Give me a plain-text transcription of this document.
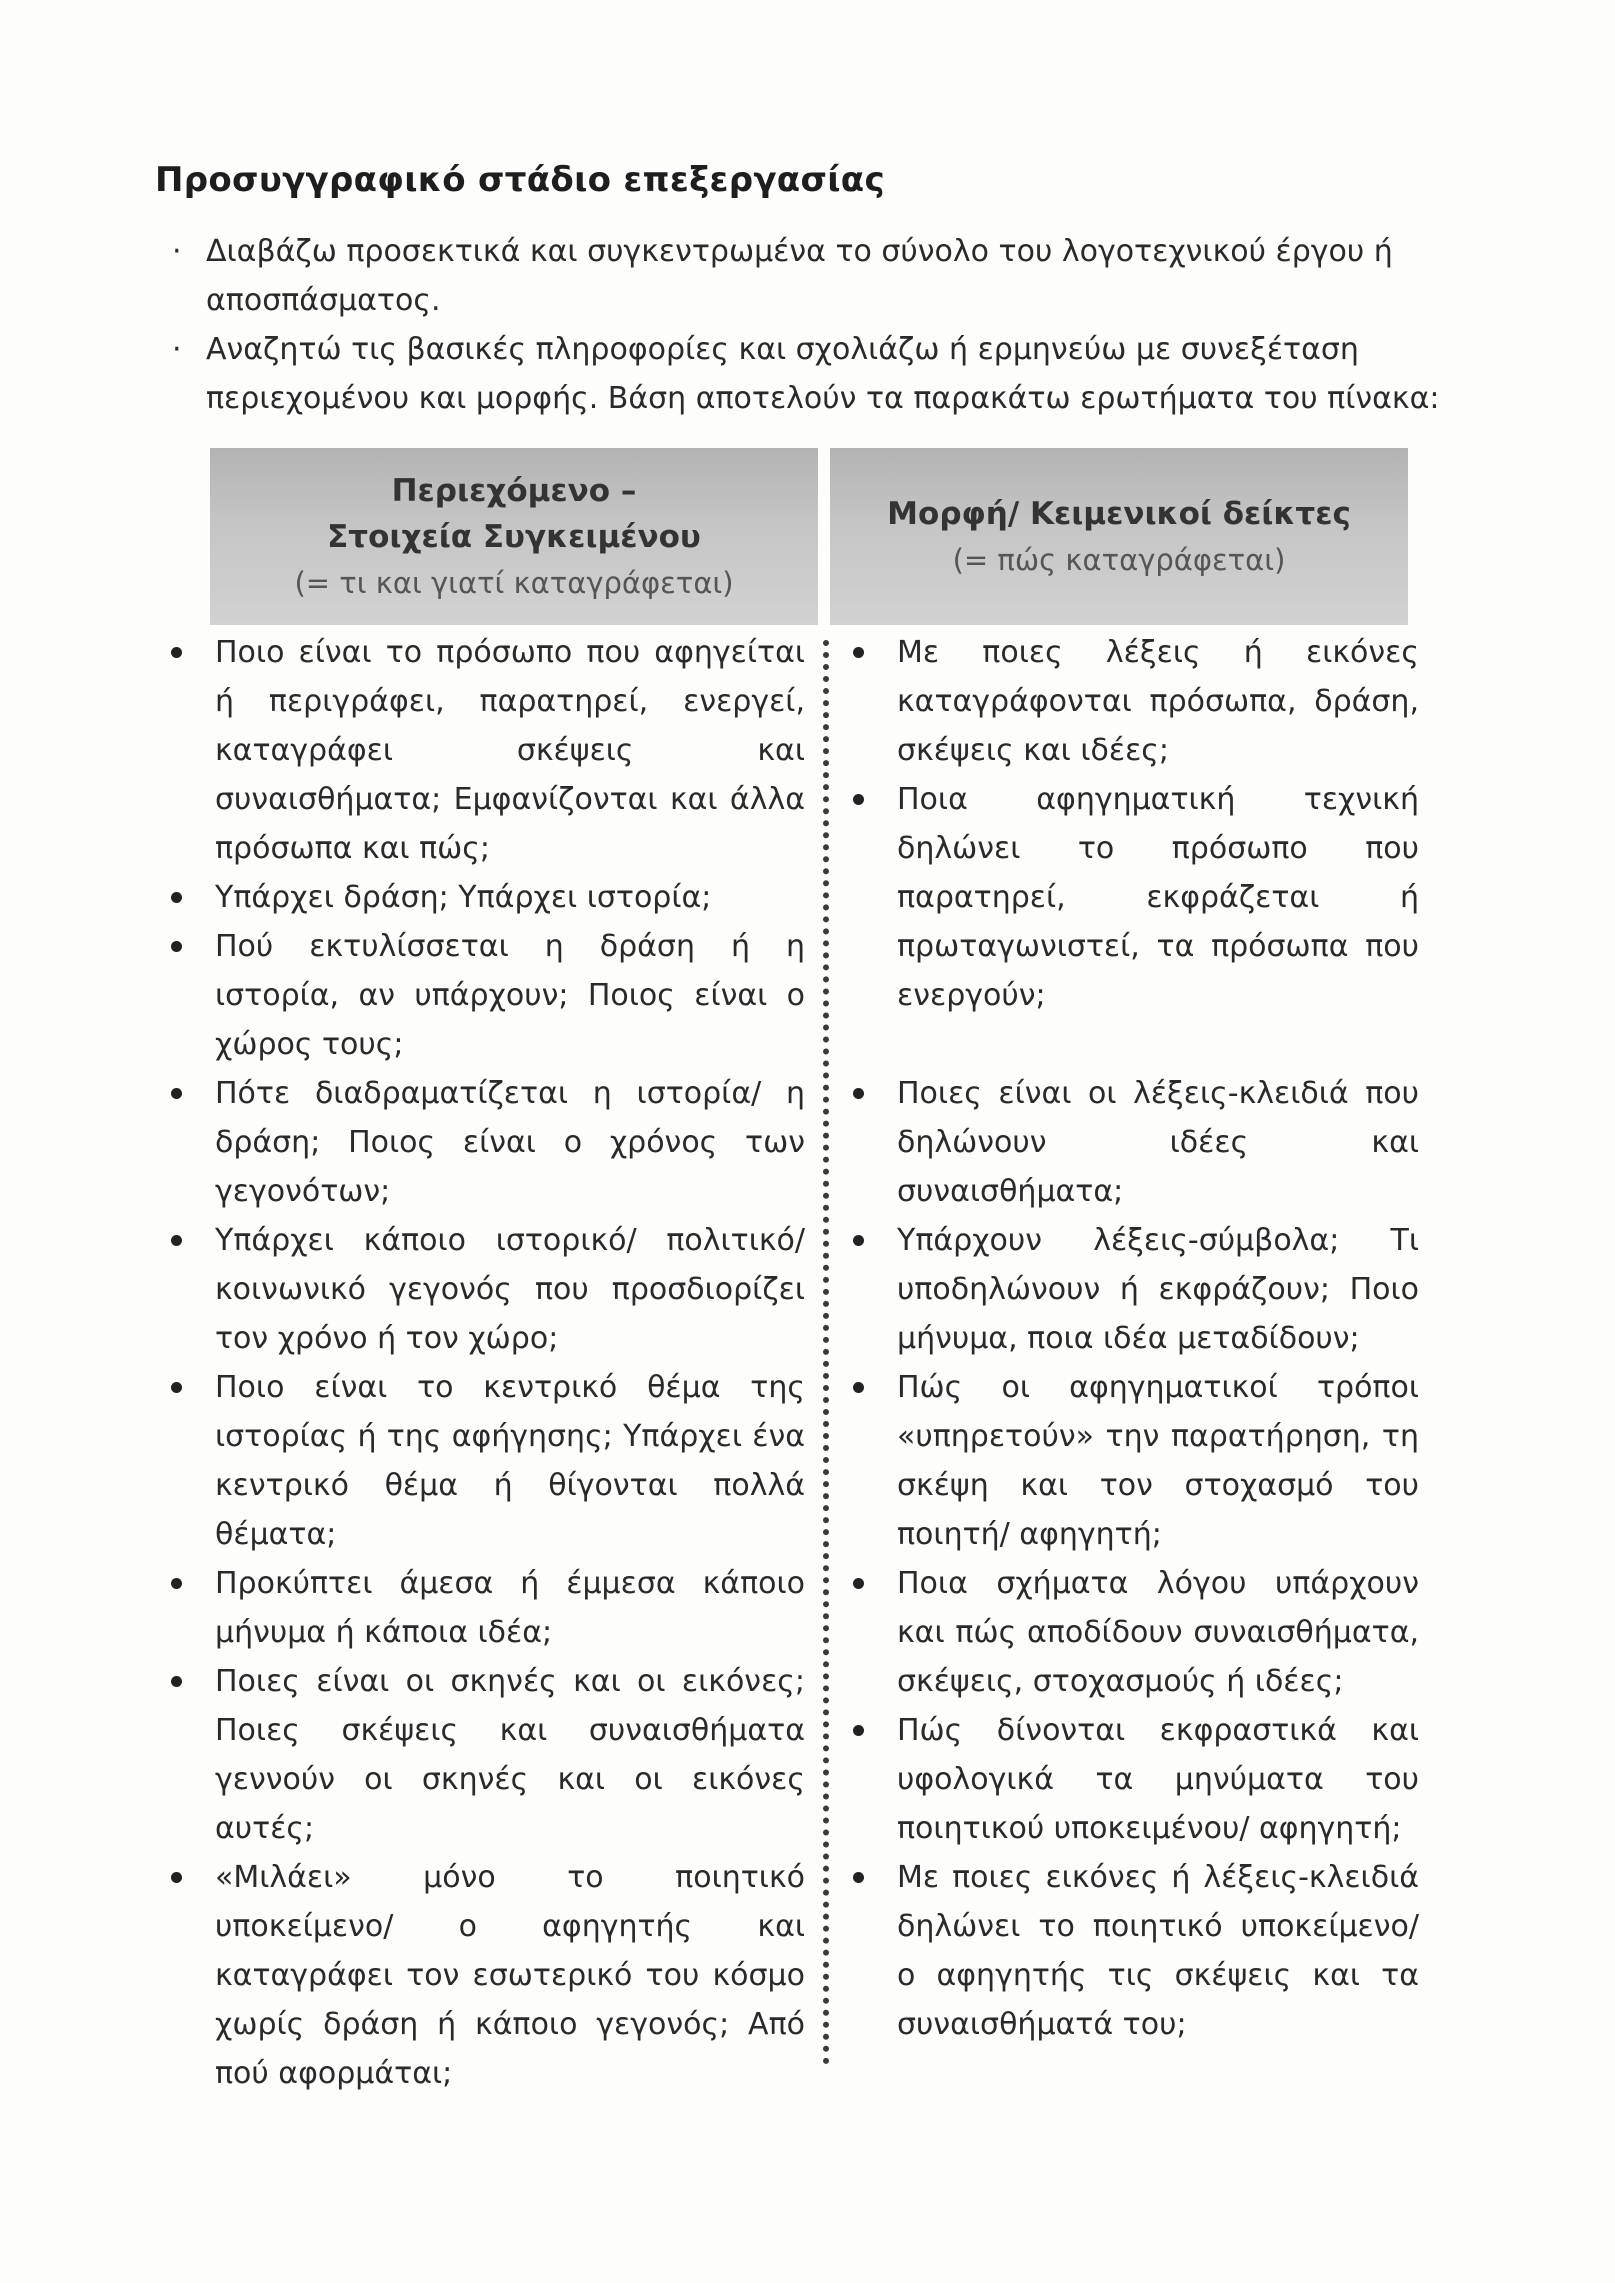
Προσυγγραφικό στάδιο επεξεργασίας
· Διαβάζω προσεκτικά και συγκεντρωμένα το σύνολο του λογοτεχνικού έργου ή αποσπάσματος.
· Αναζητώ τις βασικές πληροφορίες και σχολιάζω ή ερμηνεύω με συνεξέταση περιεχομένου και μορφής. Βάση αποτελούν τα παρακάτω ερωτήματα του πίνακα:
Περιεχόμενο –
Στοιχεία Συγκειμένου
(= τι και γιατί καταγράφεται)
Μορφή/ Κειμενικοί δείκτες
(= πώς καταγράφεται)

Ποιο είναι το πρόσωπο που αφηγείται ή περιγράφει, παρατηρεί, ενεργεί, καταγράφει σκέψεις και συναισθήματα; Εμφανίζονται και άλλα πρόσωπα και πώς;

Υπάρχει δράση; Υπάρχει ιστορία;

Πού εκτυλίσσεται η δράση ή η ιστορία, αν υπάρχουν; Ποιος είναι ο χώρος τους;

Πότε διαδραματίζεται η ιστορία/ η δράση; Ποιος είναι ο χρόνος των γεγονότων;

Υπάρχει κάποιο ιστορικό/ πολιτικό/ κοινωνικό γεγονός που προσδιορίζει τον χρόνο ή τον χώρο;

Ποιο είναι το κεντρικό θέμα της ιστορίας ή της αφήγησης; Υπάρχει ένα κεντρικό θέμα ή θίγονται πολλά θέματα;

Προκύπτει άμεσα ή έμμεσα κάποιο μήνυμα ή κάποια ιδέα;

Ποιες είναι οι σκηνές και οι εικόνες; Ποιες σκέψεις και συναισθήματα γεννούν οι σκηνές και οι εικόνες αυτές;

«Μιλάει» μόνο το ποιητικό υποκείμενο/ ο αφηγητής και καταγράφει τον εσωτερικό του κόσμο χωρίς δράση ή κάποιο γεγονός; Από πού αφορμάται;

Με ποιες λέξεις ή εικόνες καταγράφονται πρόσωπα, δράση, σκέψεις και ιδέες;

Ποια αφηγηματική τεχνική δηλώνει το πρόσωπο που παρατηρεί, εκφράζεται ή πρωταγωνιστεί, τα πρόσωπα που ενεργούν;

Ποιες είναι οι λέξεις-κλειδιά που δηλώνουν ιδέες και συναισθήματα;

Υπάρχουν λέξεις-σύμβολα; Τι υποδηλώνουν ή εκφράζουν; Ποιο μήνυμα, ποια ιδέα μεταδίδουν;

Πώς οι αφηγηματικοί τρόποι «υπηρετούν» την παρατήρηση, τη σκέψη και τον στοχασμό του ποιητή/ αφηγητή;

Ποια σχήματα λόγου υπάρχουν και πώς αποδίδουν συναισθήματα, σκέψεις, στοχασμούς ή ιδέες;

Πώς δίνονται εκφραστικά και υφολογικά τα μηνύματα του ποιητικού υποκειμένου/ αφηγητή;

Με ποιες εικόνες ή λέξεις-κλειδιά δηλώνει το ποιητικό υποκείμενο/ ο αφηγητής τις σκέψεις και τα συναισθήματά του;
